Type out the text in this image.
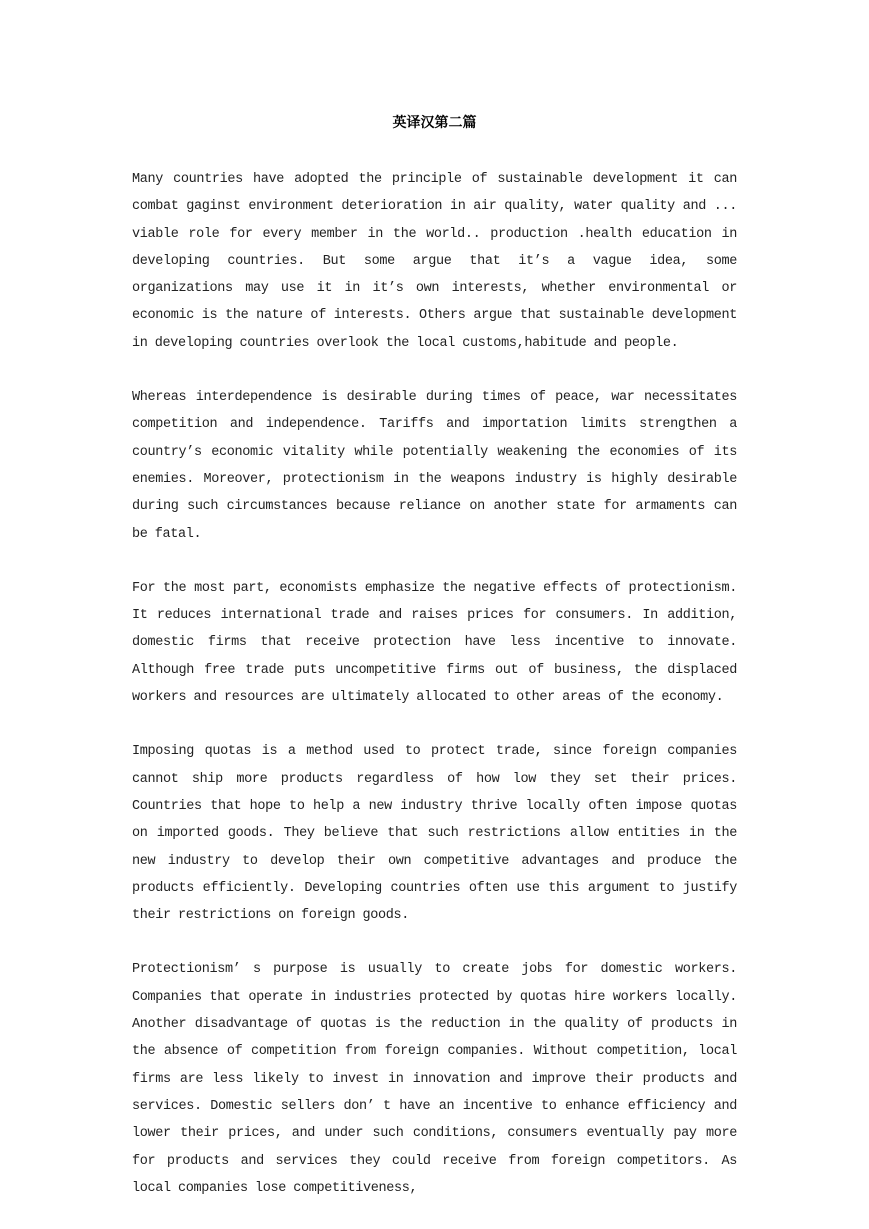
英译汉第二篇

Many countries have adopted the principle of sustainable development it can combat gaginst environment deterioration in air quality, water quality and ... viable role for every member in the world.. production .health education in developing countries. But some argue that it’s a vague idea, some organizations may use it in it’s own interests, whether environmental or economic is the nature of interests. Others argue that sustainable development in developing countries overlook the local customs,habitude and people.

Whereas interdependence is desirable during times of peace, war necessitates competition and independence. Tariffs and importation limits strengthen a country’s economic vitality while potentially weakening the economies of its enemies. Moreover, protectionism in the weapons industry is highly desirable during such circumstances because reliance on another state for armaments can be fatal.

For the most part, economists emphasize the negative effects of protectionism. It reduces international trade and raises prices for consumers. In addition, domestic firms that receive protection have less incentive to innovate. Although free trade puts uncompetitive firms out of business, the displaced workers and resources are ultimately allocated to other areas of the economy.

Imposing quotas is a method used to protect trade, since foreign companies cannot ship more products regardless of how low they set their prices. Countries that hope to help a new industry thrive locally often impose quotas on imported goods. They believe that such restrictions allow entities in the new industry to develop their own competitive advantages and produce the products efficiently. Developing countries often use this argument to justify their restrictions on foreign goods.

Protectionism’ s purpose is usually to create jobs for domestic workers. Companies that operate in industries protected by quotas hire workers locally. Another disadvantage of quotas is the reduction in the quality of products in the absence of competition from foreign companies. Without competition, local firms are less likely to invest in innovation and improve their products and services. Domestic sellers don’ t have an incentive to enhance efficiency and lower their prices, and under such conditions, consumers eventually pay more for products and services they could receive from foreign competitors. As local companies lose competitiveness,
